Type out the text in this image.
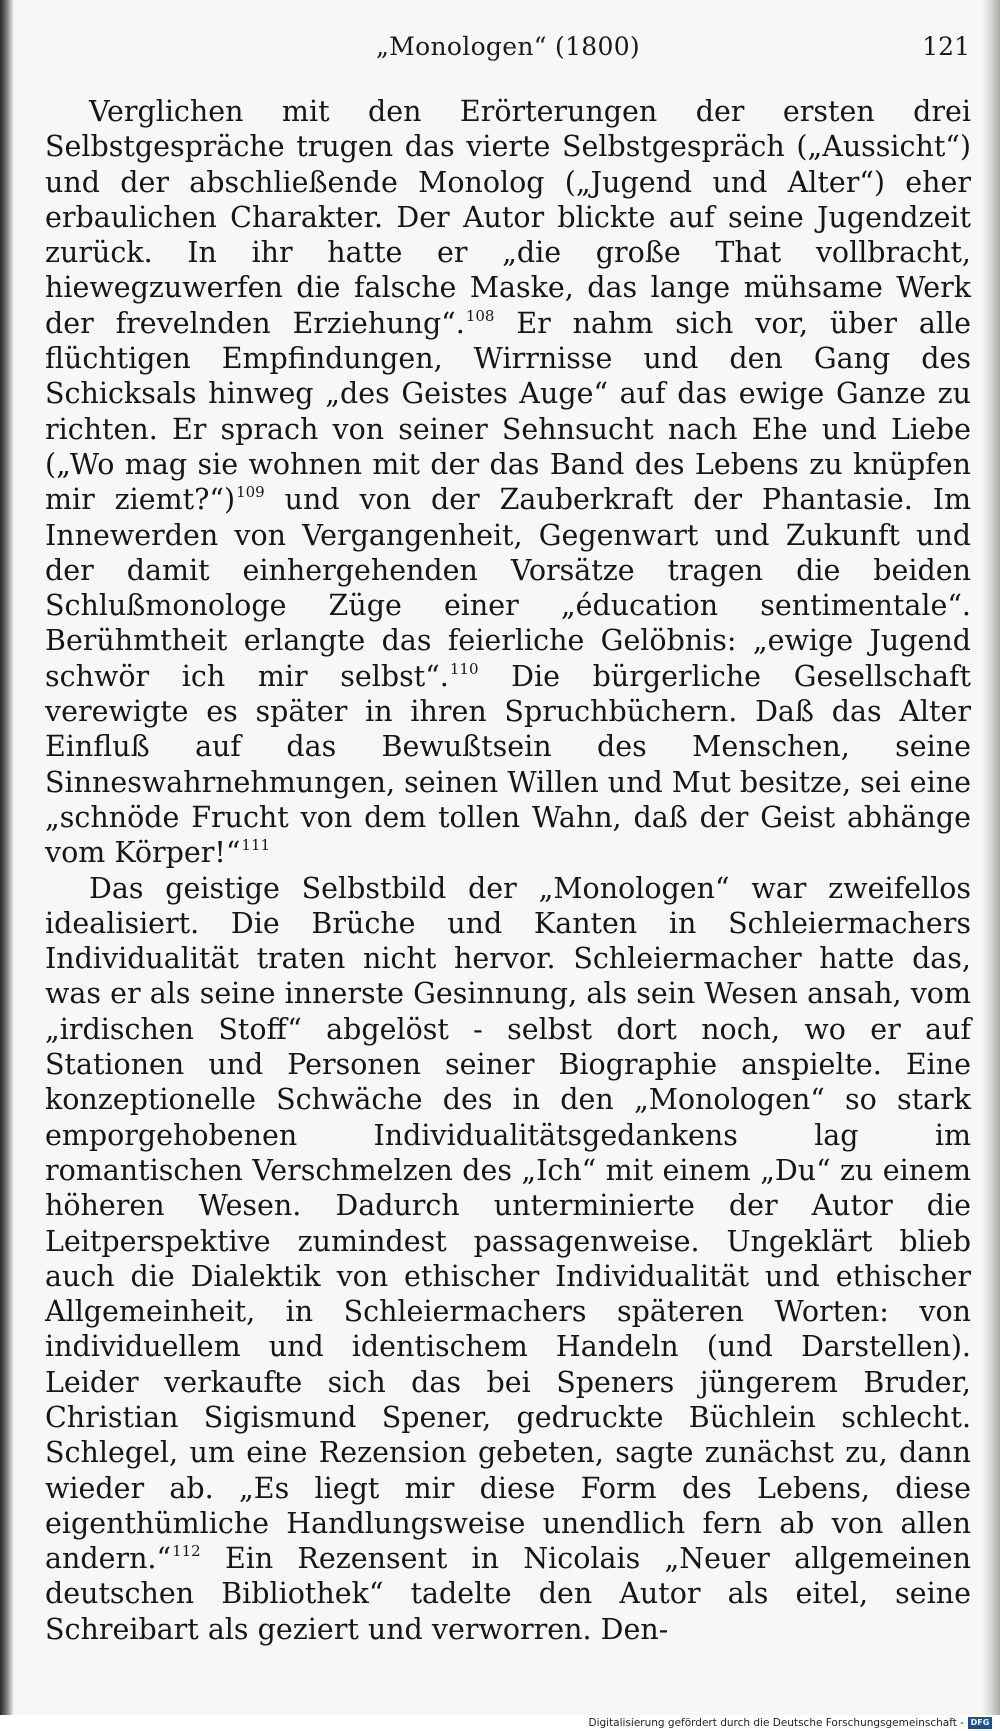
„Monologen“ (1800)	121

Verglichen mit den Erörterungen der ersten drei Selbstgespräche trugen das vierte Selbstgespräch („Aussicht“) und der abschließende Monolog („Jugend und Alter“) eher erbaulichen Charakter. Der Autor blickte auf seine Jugendzeit zurück. In ihr hatte er „die große That vollbracht, hiewegzuwerfen die falsche Maske, das lange mühsame Werk der frevelnden Erziehung“.$^{108}$ Er nahm sich vor, über alle flüchtigen Empfindungen, Wirrnisse und den Gang des Schicksals hinweg „des Geistes Auge“ auf das ewige Ganze zu richten. Er sprach von seiner Sehnsucht nach Ehe und Liebe („Wo mag sie wohnen mit der das Band des Lebens zu knüpfen mir ziemt?“)$^{109}$ und von der Zauberkraft der Phantasie. Im Innewerden von Vergangenheit, Gegenwart und Zukunft und der damit einhergehenden Vorsätze tragen die beiden Schlußmonologe Züge einer „éducation sentimentale“. Berühmtheit erlangte das feierliche Gelöbnis: „ewige Jugend schwör ich mir selbst“.$^{110}$ Die bürgerliche Gesellschaft verewigte es später in ihren Spruchbüchern. Daß das Alter Einfluß auf das Bewußtsein des Menschen, seine Sinneswahrnehmungen, seinen Willen und Mut besitze, sei eine „schnöde Frucht von dem tollen Wahn, daß der Geist abhänge vom Körper!“$^{111}$

Das geistige Selbstbild der „Monologen“ war zweifellos idealisiert. Die Brüche und Kanten in Schleiermachers Individualität traten nicht hervor. Schleiermacher hatte das, was er als seine innerste Gesinnung, als sein Wesen ansah, vom „irdischen Stoff“ abgelöst - selbst dort noch, wo er auf Stationen und Personen seiner Biographie anspielte. Eine konzeptionelle Schwäche des in den „Monologen“ so stark emporgehobenen Individualitätsgedankens lag im romantischen Verschmelzen des „Ich“ mit einem „Du“ zu einem höheren Wesen. Dadurch unterminierte der Autor die Leitperspektive zumindest passagenweise. Ungeklärt blieb auch die Dialektik von ethischer Individualität und ethischer Allgemeinheit, in Schleiermachers späteren Worten: von individuellem und identischem Handeln (und Darstellen). Leider verkaufte sich das bei Speners jüngerem Bruder, Christian Sigismund Spener, gedruckte Büchlein schlecht. Schlegel, um eine Rezension gebeten, sagte zunächst zu, dann wieder ab. „Es liegt mir diese Form des Lebens, diese eigenthümliche Handlungsweise unendlich fern ab von allen andern.“$^{112}$ Ein Rezensent in Nicolais „Neuer allgemeinen deutschen Bibliothek“ tadelte den Autor als eitel, seine Schreibart als geziert und verworren. Den-

Digitalisierung gefördert durch die Deutsche Forschungsgemeinschaft - DFG
